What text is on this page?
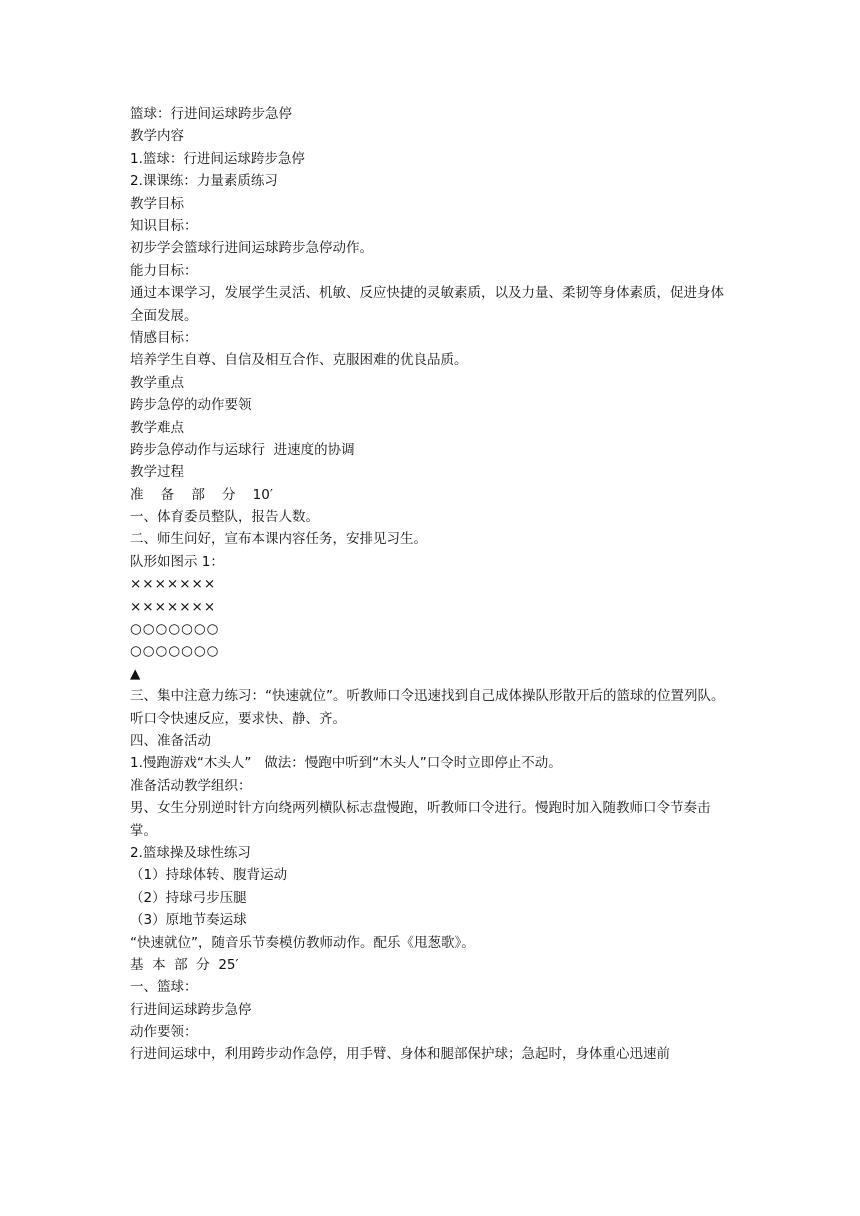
篮球：行进间运球跨步急停
教学内容
1.篮球：行进间运球跨步急停
2.课课练：力量素质练习
教学目标
知识目标：
初步学会篮球行进间运球跨步急停动作。
能力目标：
通过本课学习，发展学生灵活、机敏、反应快捷的灵敏素质，以及力量、柔韧等身体素质，促进身体全面发展。
情感目标：
培养学生自尊、自信及相互合作、克服困难的优良品质。
教学重点
跨步急停的动作要领
教学难点
跨步急停动作与运球行  进速度的协调
教学过程
准    备    部    分    10′
一、体育委员整队，报告人数。
二、师生问好，宣布本课内容任务，安排见习生。
队形如图示 1：
×××××××
×××××××
○○○○○○○
○○○○○○○
▲
三、集中注意力练习：“快速就位”。听教师口令迅速找到自己成体操队形散开后的篮球的位置列队。
听口令快速反应，要求快、静、齐。
四、准备活动
1.慢跑游戏“木头人”   做法：慢跑中听到“木头人”口令时立即停止不动。
准备活动教学组织：
男、女生分别逆时针方向绕两列横队标志盘慢跑，听教师口令进行。慢跑时加入随教师口令节奏击掌。
2.篮球操及球性练习
（1）持球体转、腹背运动
（2）持球弓步压腿
（3）原地节奏运球
“快速就位”，随音乐节奏模仿教师动作。配乐《甩葱歌》。
基  本  部  分  25′
一、篮球：
行进间运球跨步急停
动作要领：
行进间运球中，利用跨步动作急停，用手臂、身体和腿部保护球；急起时，身体重心迅速前
